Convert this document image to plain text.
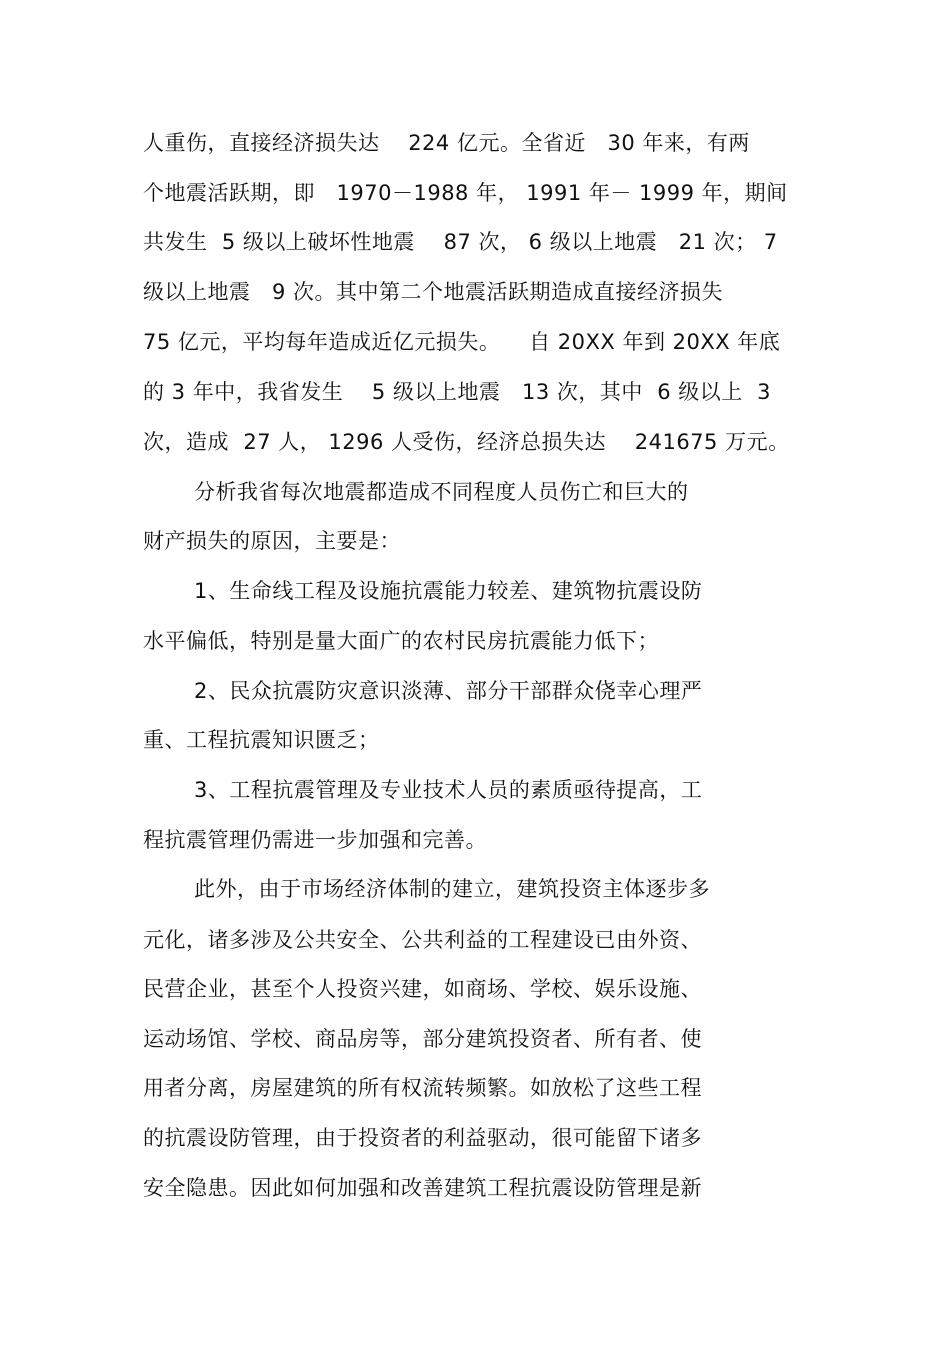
人重伤，直接经济损失达    224 亿元。全省近   30 年来，有两
个地震活跃期，即   1970－1988 年， 1991 年－ 1999 年，期间
共发生  5 级以上破坏性地震    87 次， 6 级以上地震   21 次； 7
级以上地震   9 次。其中第二个地震活跃期造成直接经济损失
75 亿元，平均每年造成近亿元损失。    自 20XX 年到 20XX 年底
的 3 年中，我省发生    5 级以上地震   13 次，其中  6 级以上  3
次，造成  27 人， 1296 人受伤，经济总损失达    241675 万元。
分析我省每次地震都造成不同程度人员伤亡和巨大的
财产损失的原因，主要是：
1、生命线工程及设施抗震能力较差、建筑物抗震设防
水平偏低，特别是量大面广的农村民房抗震能力低下；
2、民众抗震防灾意识淡薄、部分干部群众侥幸心理严
重、工程抗震知识匮乏；
3、工程抗震管理及专业技术人员的素质亟待提高，工
程抗震管理仍需进一步加强和完善。
此外，由于市场经济体制的建立，建筑投资主体逐步多
元化，诸多涉及公共安全、公共利益的工程建设已由外资、
民营企业，甚至个人投资兴建，如商场、学校、娱乐设施、
运动场馆、学校、商品房等，部分建筑投资者、所有者、使
用者分离，房屋建筑的所有权流转频繁。如放松了这些工程
的抗震设防管理，由于投资者的利益驱动，很可能留下诸多
安全隐患。因此如何加强和改善建筑工程抗震设防管理是新
